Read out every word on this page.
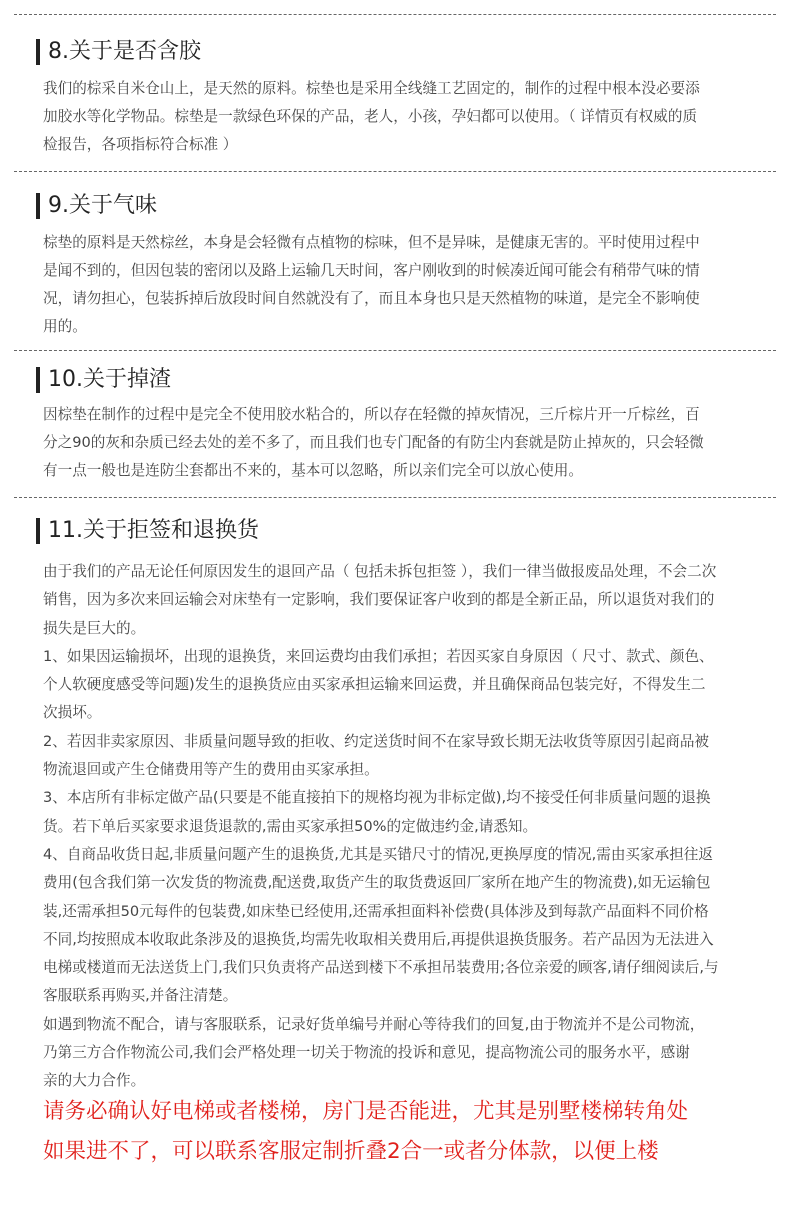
8.关于是否含胶
我们的棕采自米仓山上，是天然的原料。棕垫也是采用全线缝工艺固定的，制作的过程中根本没必要添
加胶水等化学物品。棕垫是一款绿色环保的产品，老人，小孩，孕妇都可以使用。（ 详情页有权威的质
检报告，各项指标符合标准 ）
9.关于气味
棕垫的原料是天然棕丝，本身是会轻微有点植物的棕味，但不是异味，是健康无害的。平时使用过程中
是闻不到的，但因包装的密闭以及路上运输几天时间，客户刚收到的时候凑近闻可能会有稍带气味的情
况，请勿担心，包装拆掉后放段时间自然就没有了，而且本身也只是天然植物的味道，是完全不影响使
用的。
10.关于掉渣
因棕垫在制作的过程中是完全不使用胶水粘合的，所以存在轻微的掉灰情况，三斤棕片开一斤棕丝，百
分之90的灰和杂质已经去处的差不多了，而且我们也专门配备的有防尘内套就是防止掉灰的，只会轻微
有一点一般也是连防尘套都出不来的，基本可以忽略，所以亲们完全可以放心使用。
11.关于拒签和退换货
由于我们的产品无论任何原因发生的退回产品（ 包括未拆包拒签 ），我们一律当做报废品处理，不会二次
销售，因为多次来回运输会对床垫有一定影响，我们要保证客户收到的都是全新正品，所以退货对我们的
损失是巨大的。
1、如果因运输损坏，出现的退换货，来回运费均由我们承担；若因买家自身原因（ 尺寸、款式、颜色、
个人软硬度感受等问题)发生的退换货应由买家承担运输来回运费，并且确保商品包装完好，不得发生二
次损坏。
2、若因非卖家原因、非质量问题导致的拒收、约定送货时间不在家导致长期无法收货等原因引起商品被
物流退回或产生仓储费用等产生的费用由买家承担。
3、本店所有非标定做产品(只要是不能直接拍下的规格均视为非标定做),均不接受任何非质量问题的退换
货。若下单后买家要求退货退款的,需由买家承担50%的定做违约金,请悉知。
4、自商品收货日起,非质量问题产生的退换货,尤其是买错尺寸的情况,更换厚度的情况,需由买家承担往返
费用(包含我们第一次发货的物流费,配送费,取货产生的取货费返回厂家所在地产生的物流费),如无运输包
装,还需承担50元每件的包装费,如床垫已经使用,还需承担面料补偿费(具体涉及到每款产品面料不同价格
不同,均按照成本收取此条涉及的退换货,均需先收取相关费用后,再提供退换货服务。若产品因为无法进入
电梯或楼道而无法送货上门,我们只负责将产品送到楼下不承担吊装费用;各位亲爱的顾客,请仔细阅读后,与
客服联系再购买,并备注清楚。
如遇到物流不配合，请与客服联系，记录好货单编号并耐心等待我们的回复,由于物流并不是公司物流，
乃第三方合作物流公司,我们会严格处理一切关于物流的投诉和意见，提高物流公司的服务水平，感谢
亲的大力合作。
请务必确认好电梯或者楼梯，房门是否能进，尤其是别墅楼梯转角处
如果进不了，可以联系客服定制折叠2合一或者分体款，以便上楼
